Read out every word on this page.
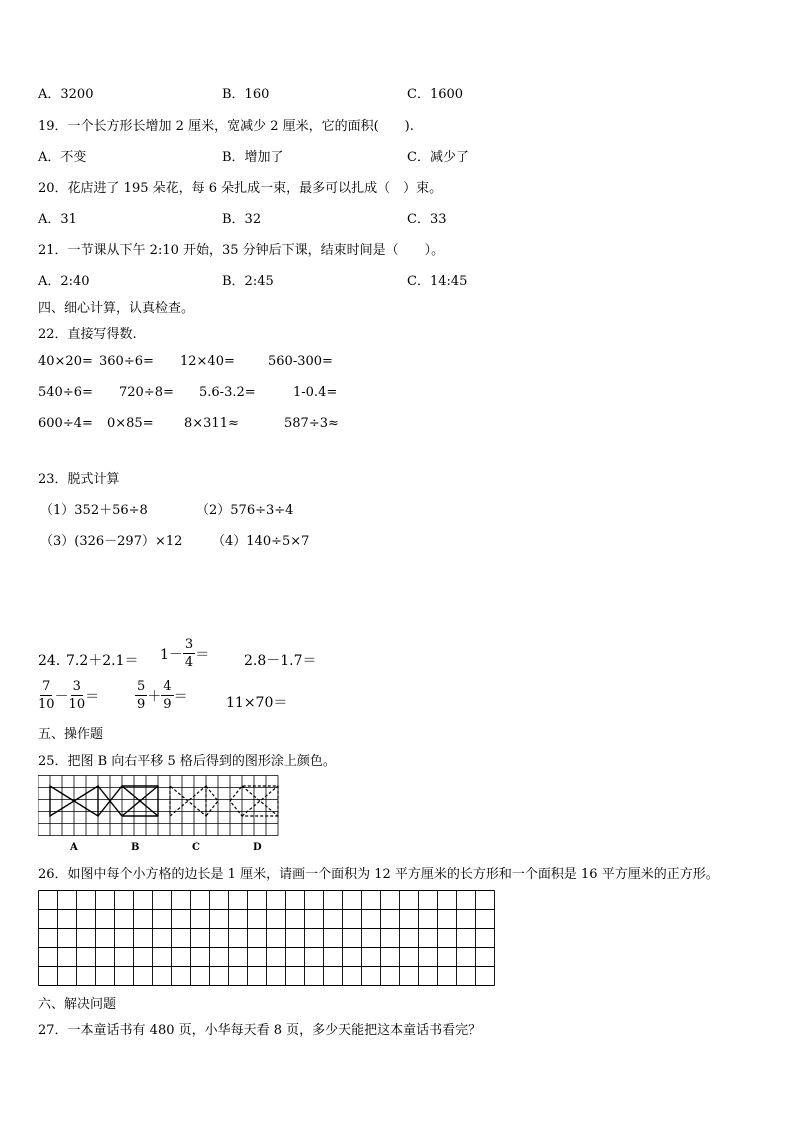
A．3200	B．160	C．1600
19．一个长方形长增加 2 厘米，宽减少 2 厘米，它的面积(　　).
A．不变	B．增加了	C．减少了
20．花店进了 195 朵花，每 6 朵扎成一束，最多可以扎成（　）束。
A．31	B．32	C．33
21．一节课从下午 2:10 开始，35 分钟后下课，结束时间是（　　）。
A．2:40	B．2:45	C．14:45
四、细心计算，认真检查。
22．直接写得数.
40×20= 360÷6= 12×40=	560-300=
540÷6= 720÷8= 5.6-3.2=	1-0.4=
600÷4= 0×85= 8×311≈	587÷3≈
23．脱式计算
（1）352＋56÷8	（2）576÷3÷4
（3）(326－297）×12 （4）140÷5×7
24．
$7.2+2.1= 1- \frac{3}{4} = 2.8-1.7=$
$\frac{7}{10} - \frac{3}{10}$ ＝	$\frac{5}{9} + \frac{4}{9}$ ＝	11×70＝
五、操作题
25．把图 B 向右平移 5 格后得到的图形涂上颜色。
A	B	C	D
26．如图中每个小方格的边长是 1 厘米，请画一个面积为 12 平方厘米的长方形和一个面积是 16 平方厘米的正方形。
六、解决问题
27．一本童话书有 480 页，小华每天看 8 页，多少天能把这本童话书看完？
